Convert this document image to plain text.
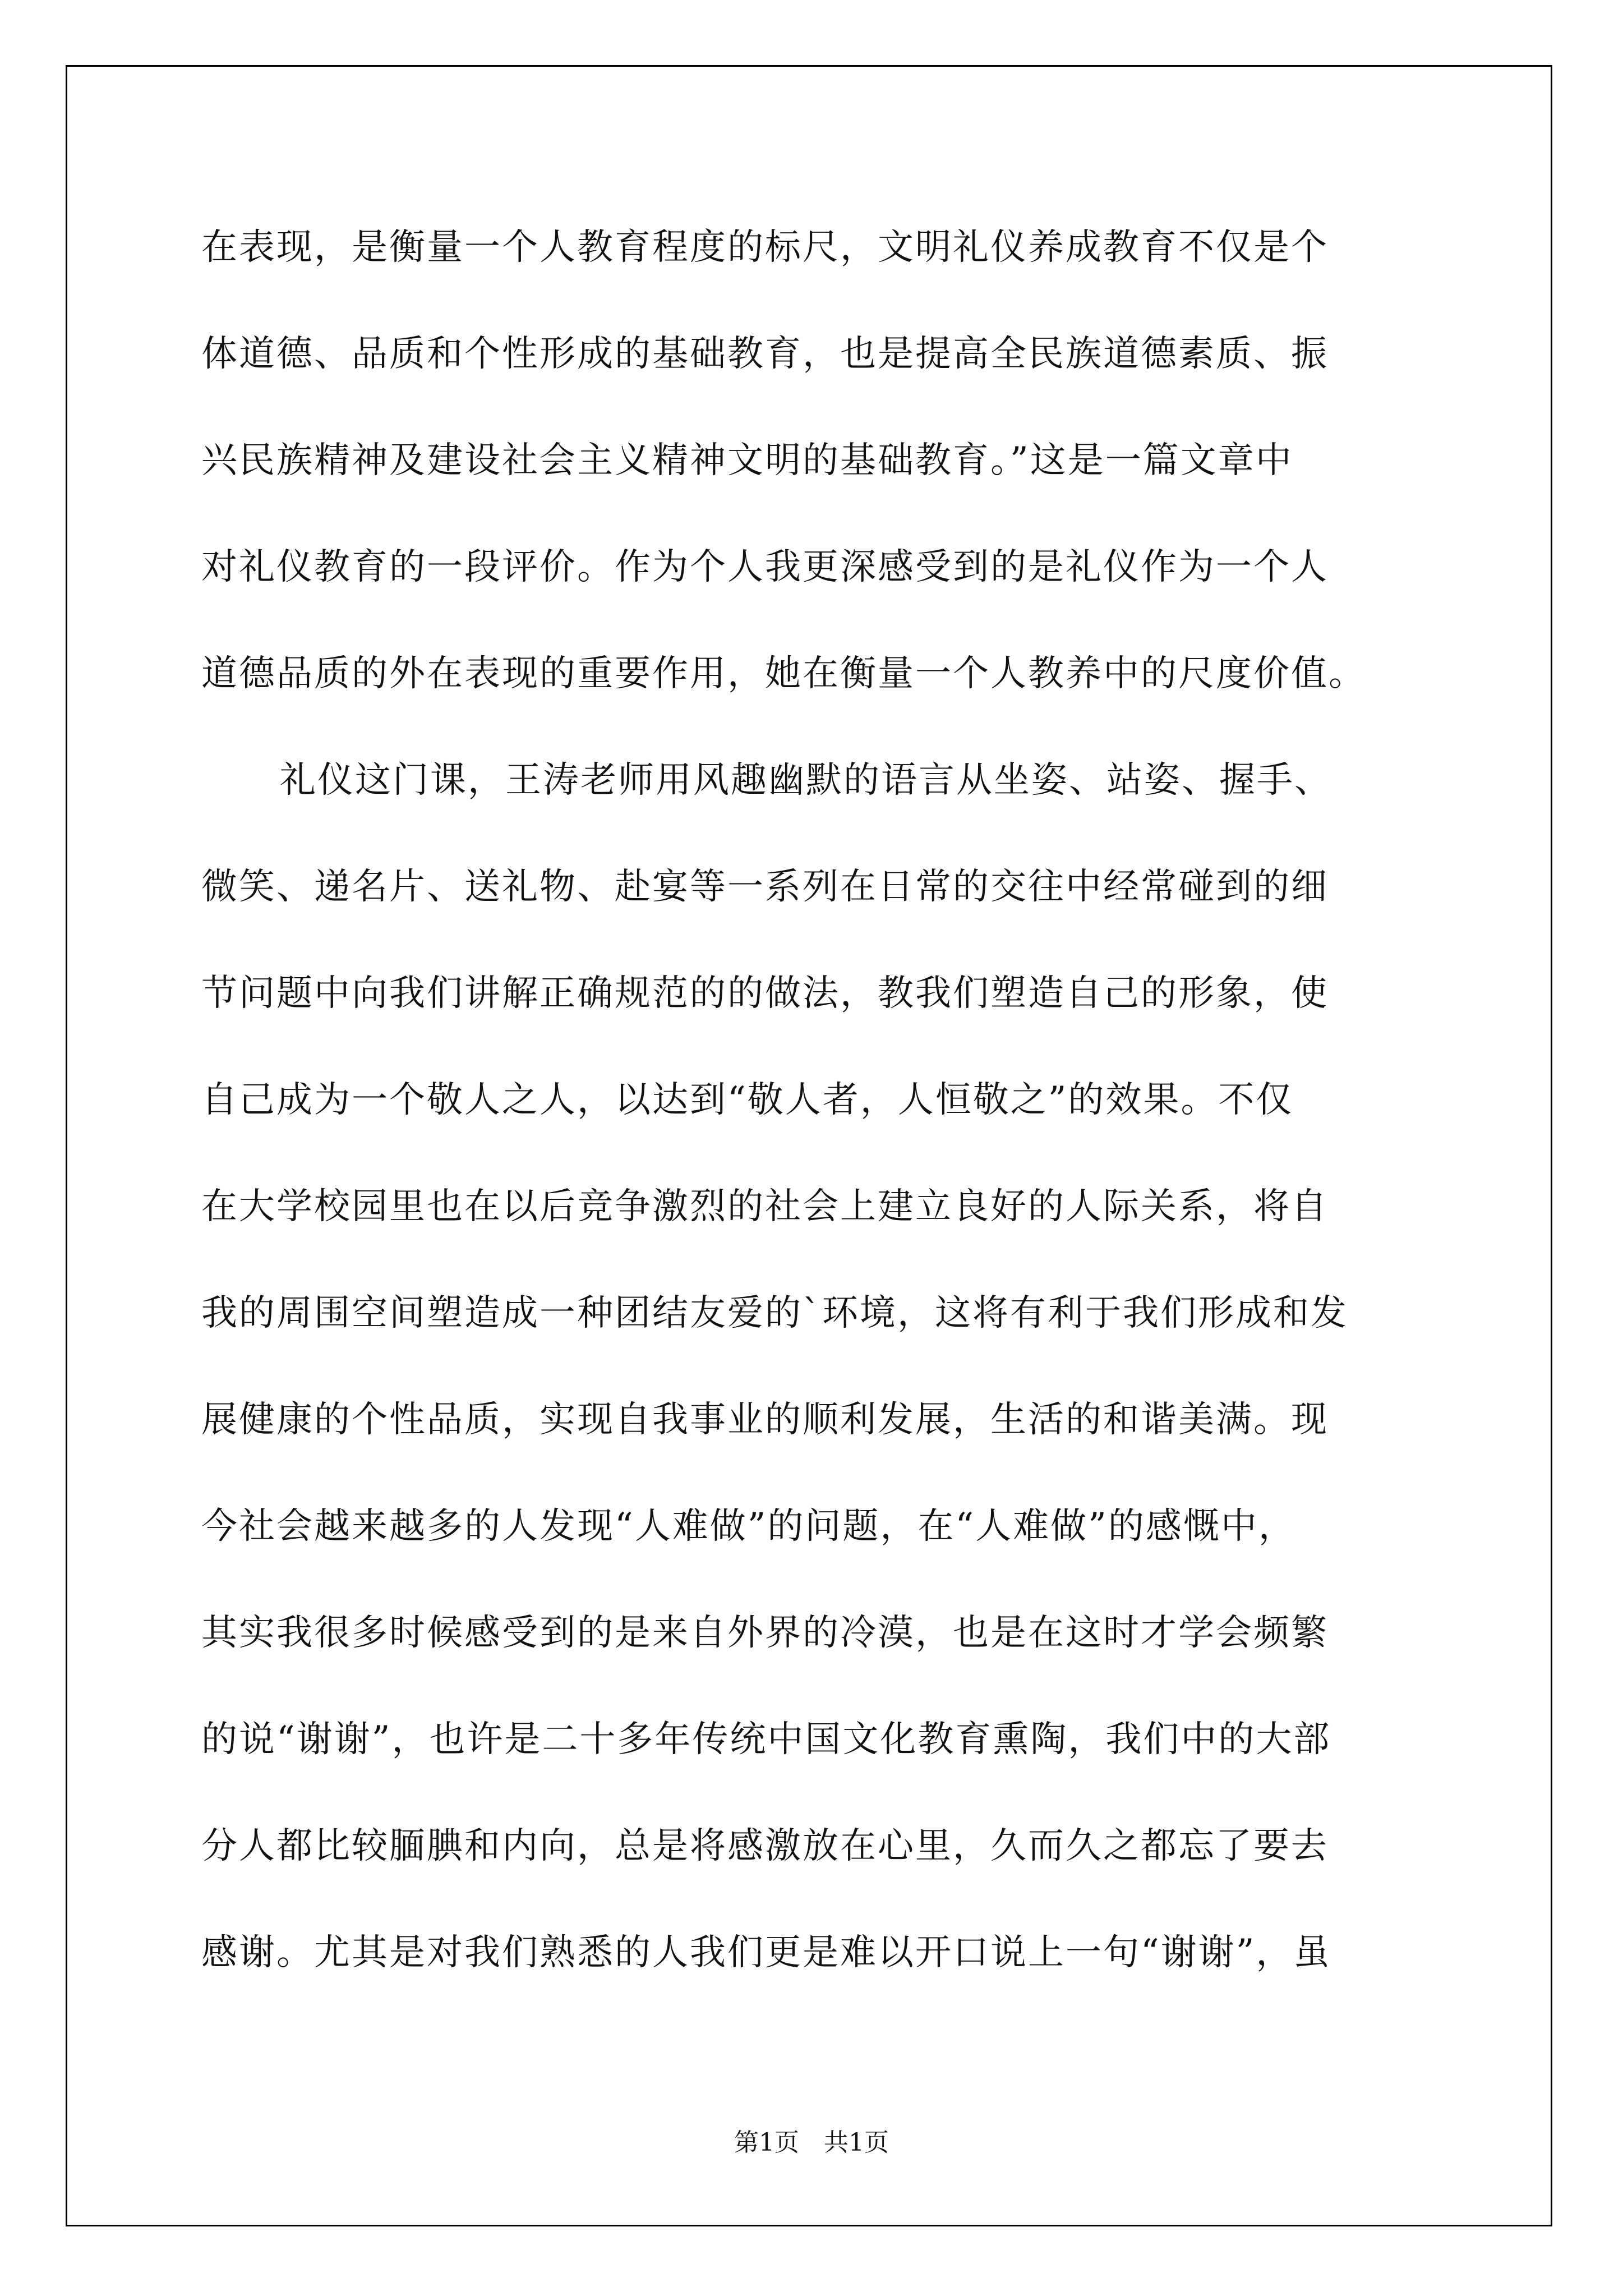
在表现，是衡量一个人教育程度的标尺，文明礼仪养成教育不仅是个
体道德、品质和个性形成的基础教育，也是提高全民族道德素质、振
兴民族精神及建设社会主义精神文明的基础教育。”这是一篇文章中
对礼仪教育的一段评价。作为个人我更深感受到的是礼仪作为一个人
道德品质的外在表现的重要作用，她在衡量一个人教养中的尺度价值。
礼仪这门课，王涛老师用风趣幽默的语言从坐姿、站姿、握手、
微笑、递名片、送礼物、赴宴等一系列在日常的交往中经常碰到的细
节问题中向我们讲解正确规范的的做法，教我们塑造自己的形象，使
自己成为一个敬人之人，以达到“敬人者，人恒敬之”的效果。不仅
在大学校园里也在以后竞争激烈的社会上建立良好的人际关系，将自
我的周围空间塑造成一种团结友爱的`环境，这将有利于我们形成和发
展健康的个性品质，实现自我事业的顺利发展，生活的和谐美满。现
今社会越来越多的人发现“人难做”的问题，在“人难做”的感慨中，
其实我很多时候感受到的是来自外界的冷漠，也是在这时才学会频繁
的说“谢谢”，也许是二十多年传统中国文化教育熏陶，我们中的大部
分人都比较腼腆和内向，总是将感激放在心里，久而久之都忘了要去
感谢。尤其是对我们熟悉的人我们更是难以开口说上一句“谢谢”，虽
第1页　共1页
